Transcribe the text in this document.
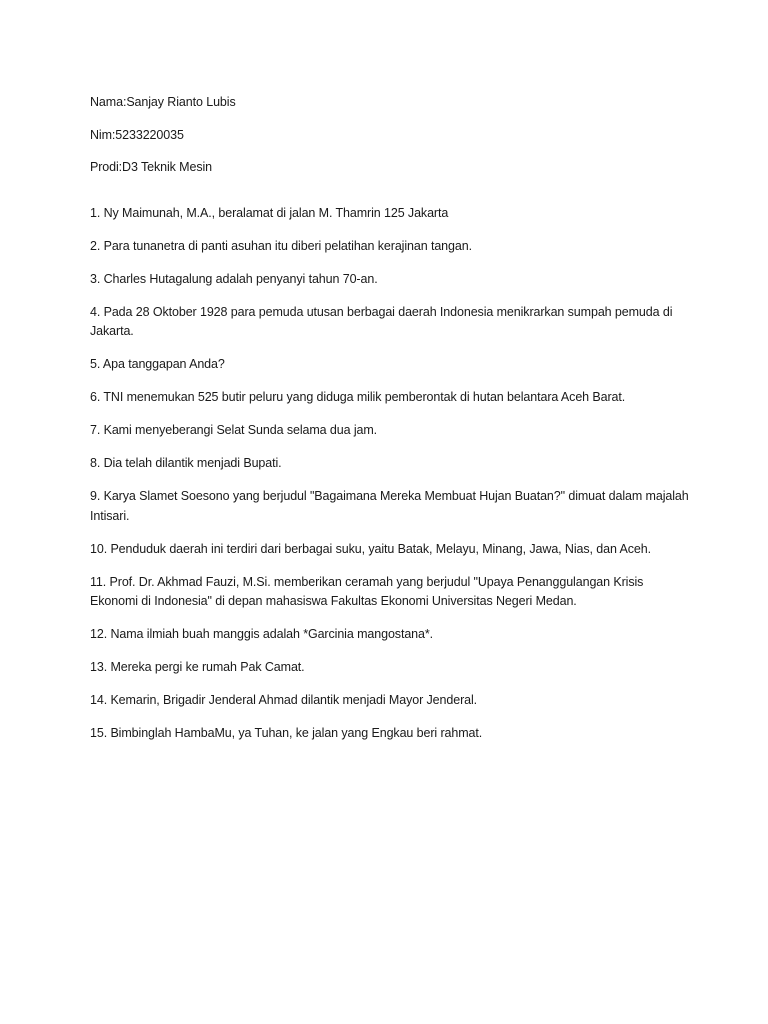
Nama:Sanjay Rianto Lubis

Nim:5233220035

Prodi:D3 Teknik Mesin

1. Ny Maimunah, M.A., beralamat di jalan M. Thamrin 125 Jakarta

2. Para tunanetra di panti asuhan itu diberi pelatihan kerajinan tangan.

3. Charles Hutagalung adalah penyanyi tahun 70-an.

4. Pada 28 Oktober 1928 para pemuda utusan berbagai daerah Indonesia menikrarkan sumpah pemuda di Jakarta.

5. Apa tanggapan Anda?

6. TNI menemukan 525 butir peluru yang diduga milik pemberontak di hutan belantara Aceh Barat.

7. Kami menyeberangi Selat Sunda selama dua jam.

8. Dia telah dilantik menjadi Bupati.

9. Karya Slamet Soesono yang berjudul "Bagaimana Mereka Membuat Hujan Buatan?" dimuat dalam majalah Intisari.

10. Penduduk daerah ini terdiri dari berbagai suku, yaitu Batak, Melayu, Minang, Jawa, Nias, dan Aceh.

11. Prof. Dr. Akhmad Fauzi, M.Si. memberikan ceramah yang berjudul "Upaya Penanggulangan Krisis Ekonomi di Indonesia" di depan mahasiswa Fakultas Ekonomi Universitas Negeri Medan.

12. Nama ilmiah buah manggis adalah *Garcinia mangostana*.

13. Mereka pergi ke rumah Pak Camat.

14. Kemarin, Brigadir Jenderal Ahmad dilantik menjadi Mayor Jenderal.

15. Bimbinglah HambaMu, ya Tuhan, ke jalan yang Engkau beri rahmat.
